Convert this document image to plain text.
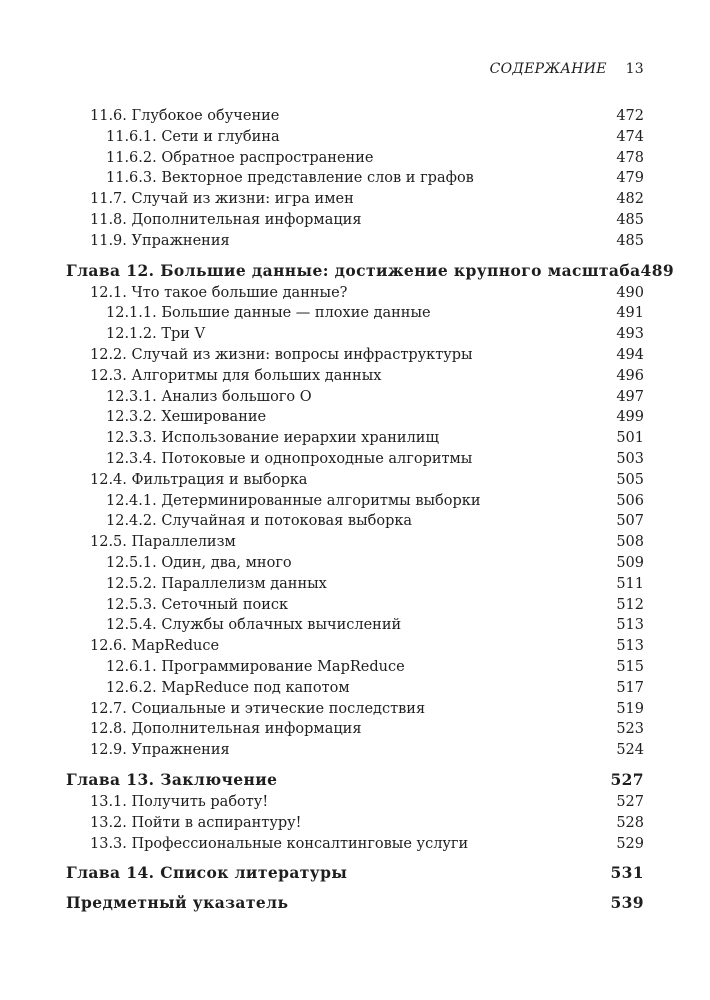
СОДЕРЖАНИЕ 13
11.6. Глубокое обучение	472
11.6.1. Сети и глубина	474
11.6.2. Обратное распространение	478
11.6.3. Векторное представление слов и графов	479
11.7. Случай из жизни: игра имен	482
11.8. Дополнительная информация	485
11.9. Упражнения	485
Глава 12. Большие данные: достижение крупного масштаба 489
12.1. Что такое большие данные?	490
12.1.1. Большие данные — плохие данные	491
12.1.2. Три V	493
12.2. Случай из жизни: вопросы инфраструктуры	494
12.3. Алгоритмы для больших данных	496
12.3.1. Анализ большого O	497
12.3.2. Хеширование	499
12.3.3. Использование иерархии хранилищ	501
12.3.4. Потоковые и однопроходные алгоритмы	503
12.4. Фильтрация и выборка	505
12.4.1. Детерминированные алгоритмы выборки	506
12.4.2. Случайная и потоковая выборка	507
12.5. Параллелизм	508
12.5.1. Один, два, много	509
12.5.2. Параллелизм данных	511
12.5.3. Сеточный поиск	512
12.5.4. Службы облачных вычислений	513
12.6. MapReduce	513
12.6.1. Программирование MapReduce	515
12.6.2. MapReduce под капотом	517
12.7. Социальные и этические последствия	519
12.8. Дополнительная информация	523
12.9. Упражнения	524
Глава 13. Заключение	527
13.1. Получить работу!	527
13.2. Пойти в аспирантуру!	528
13.3. Профессиональные консалтинговые услуги	529
Глава 14. Список литературы	531
Предметный указатель	539
